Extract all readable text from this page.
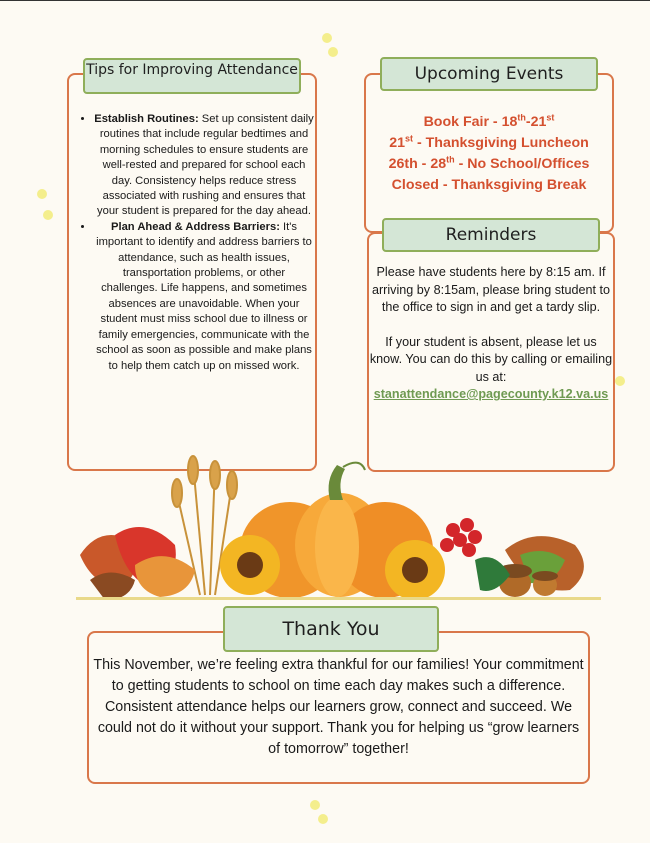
Tips for Improving Attendance
• Establish Routines: Set up consistent daily routines that include regular bedtimes and morning schedules to ensure students are well-rested and prepared for school each day. Consistency helps reduce stress associated with rushing and ensures that your student is prepared for the day ahead.
• Plan Ahead & Address Barriers: It's important to identify and address barriers to attendance, such as health issues, transportation problems, or other challenges. Life happens, and sometimes absences are unavoidable. When your student must miss school due to illness or family emergencies, communicate with the school as soon as possible and make plans to help them catch up on missed work.
Upcoming Events
Book Fair - 18th-21st
21st - Thanksgiving Luncheon
26th - 28th - No School/Offices
Closed - Thanksgiving Break
Reminders

Please have students here by 8:15 am. If arriving by 8:15am, please bring student to the office to sign in and get a tardy slip.

If your student is absent, please let us know. You can do this by calling or emailing us at:

stanattendance@pagecounty.k12.va.us

Thank You
This November, we’re feeling extra thankful for our families! Your commitment to getting students to school on time each day makes such a difference. Consistent attendance helps our learners grow, connect and succeed. We could not do it without your support. Thank you for helping us “grow learners of tomorrow” together!
